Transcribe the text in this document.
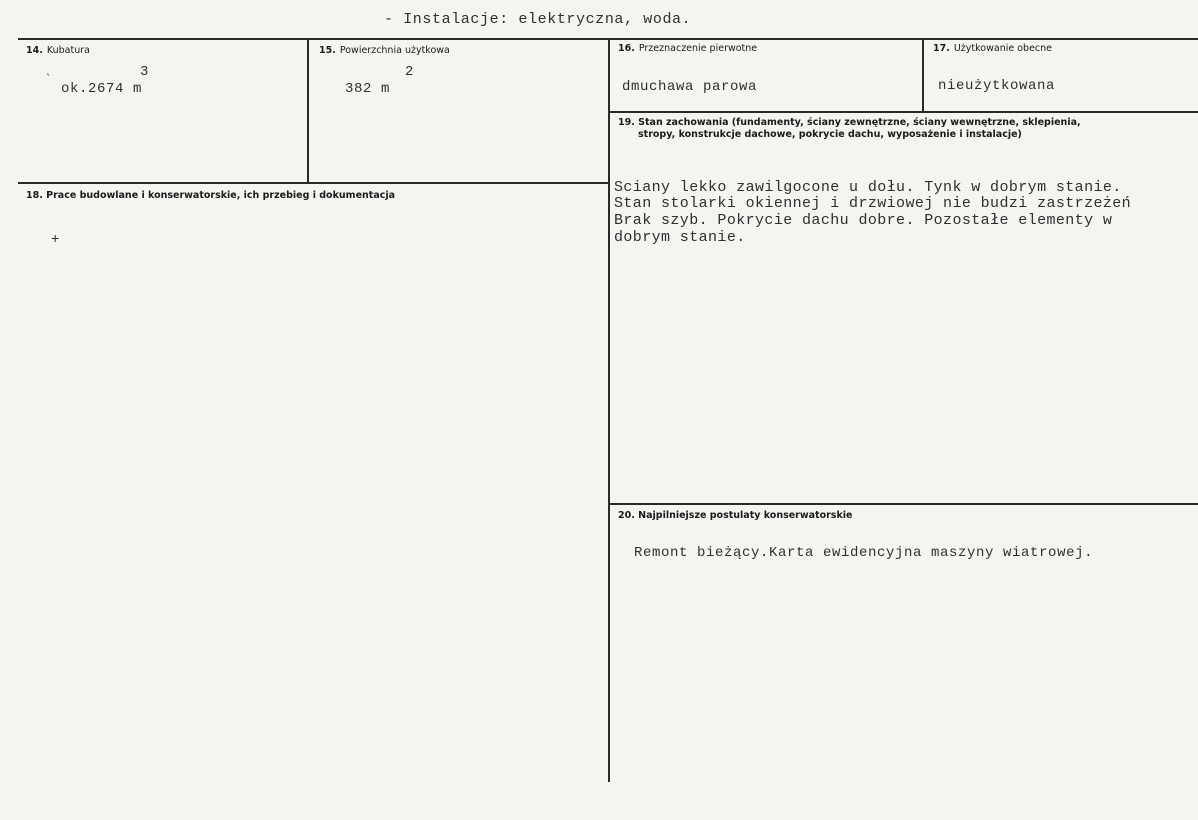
- Instalacje: elektryczna, woda.
14. Kubatura
ˎ	3
ok.2674 m
15. Powierzchnia użytkowa
2
382 m
16. Przeznaczenie pierwotne
dmuchawa parowa
17. Użytkowanie obecne
nieużytkowana
18. Prace budowlane i konserwatorskie, ich przebieg i dokumentacja
+
19. Stan zachowania (fundamenty, ściany zewnętrzne, ściany wewnętrzne, sklepienia,
stropy, konstrukcje dachowe, pokrycie dachu, wyposażenie i instalacje)
Sciany lekko zawilgocone u dołu. Tynk w dobrym stanie.
Stan stolarki okiennej i drzwiowej nie budzi zastrzeżeń
Brak szyb. Pokrycie dachu dobre. Pozostałe elementy w
dobrym stanie.
20. Najpilniejsze postulaty konserwatorskie
Remont bieżący.Karta ewidencyjna maszyny wiatrowej.
